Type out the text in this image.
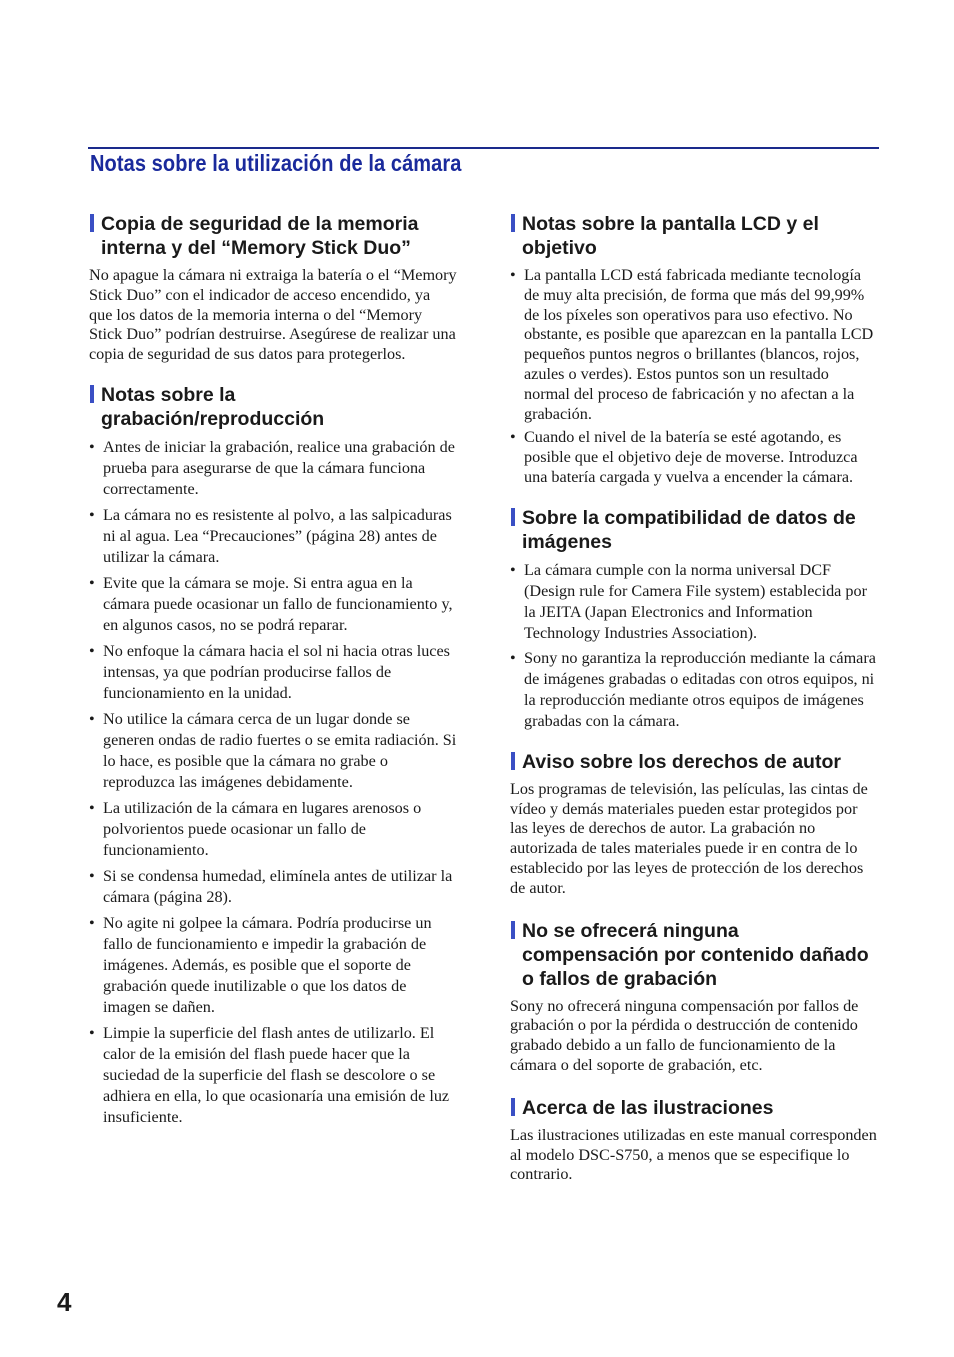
Notas sobre la utilización de la cámara
Copia de seguridad de la memoria interna y del “Memory Stick Duo”

No apague la cámara ni extraiga la batería o el “Memory Stick Duo” con el indicador de acceso encendido, ya que los datos de la memoria interna o del “Memory Stick Duo” podrían destruirse. Asegúrese de realizar una copia de seguridad de sus datos para protegerlos.

Notas sobre la grabación/reproducción
• Antes de iniciar la grabación, realice una grabación de prueba para asegurarse de que la cámara funciona correctamente.
• La cámara no es resistente al polvo, a las salpicaduras ni al agua. Lea “Precauciones” (página 28) antes de utilizar la cámara.
• Evite que la cámara se moje. Si entra agua en la cámara puede ocasionar un fallo de funcionamiento y, en algunos casos, no se podrá reparar.
• No enfoque la cámara hacia el sol ni hacia otras luces intensas, ya que podrían producirse fallos de funcionamiento en la unidad.
• No utilice la cámara cerca de un lugar donde se generen ondas de radio fuertes o se emita radiación. Si lo hace, es posible que la cámara no grabe o reproduzca las imágenes debidamente.
• La utilización de la cámara en lugares arenosos o polvorientos puede ocasionar un fallo de funcionamiento.
• Si se condensa humedad, elimínela antes de utilizar la cámara (página 28).
• No agite ni golpee la cámara. Podría producirse un fallo de funcionamiento e impedir la grabación de imágenes. Además, es posible que el soporte de grabación quede inutilizable o que los datos de imagen se dañen.
• Limpie la superficie del flash antes de utilizarlo. El calor de la emisión del flash puede hacer que la suciedad de la superficie del flash se descolore o se adhiera en ella, lo que ocasionaría una emisión de luz insuficiente.
Notas sobre la pantalla LCD y el objetivo
• La pantalla LCD está fabricada mediante tecnología de muy alta precisión, de forma que más del 99,99% de los píxeles son operativos para uso efectivo. No obstante, es posible que aparezcan en la pantalla LCD pequeños puntos negros o brillantes (blancos, rojos, azules o verdes). Estos puntos son un resultado normal del proceso de fabricación y no afectan a la grabación.
• Cuando el nivel de la batería se esté agotando, es posible que el objetivo deje de moverse. Introduzca una batería cargada y vuelva a encender la cámara.
Sobre la compatibilidad de datos de imágenes
• La cámara cumple con la norma universal DCF (Design rule for Camera File system) establecida por la JEITA (Japan Electronics and Information Technology Industries Association).
• Sony no garantiza la reproducción mediante la cámara de imágenes grabadas o editadas con otros equipos, ni la reproducción mediante otros equipos de imágenes grabadas con la cámara.
Aviso sobre los derechos de autor

Los programas de televisión, las películas, las cintas de vídeo y demás materiales pueden estar protegidos por las leyes de derechos de autor. La grabación no autorizada de tales materiales puede ir en contra de lo establecido por las leyes de protección de los derechos de autor.

No se ofrecerá ninguna compensación por contenido dañado o fallos de grabación

Sony no ofrecerá ninguna compensación por fallos de grabación o por la pérdida o destrucción de contenido grabado debido a un fallo de funcionamiento de la cámara o del soporte de grabación, etc.

Acerca de las ilustraciones

Las ilustraciones utilizadas en este manual corresponden al modelo DSC-S750, a menos que se especifique lo contrario.

4
